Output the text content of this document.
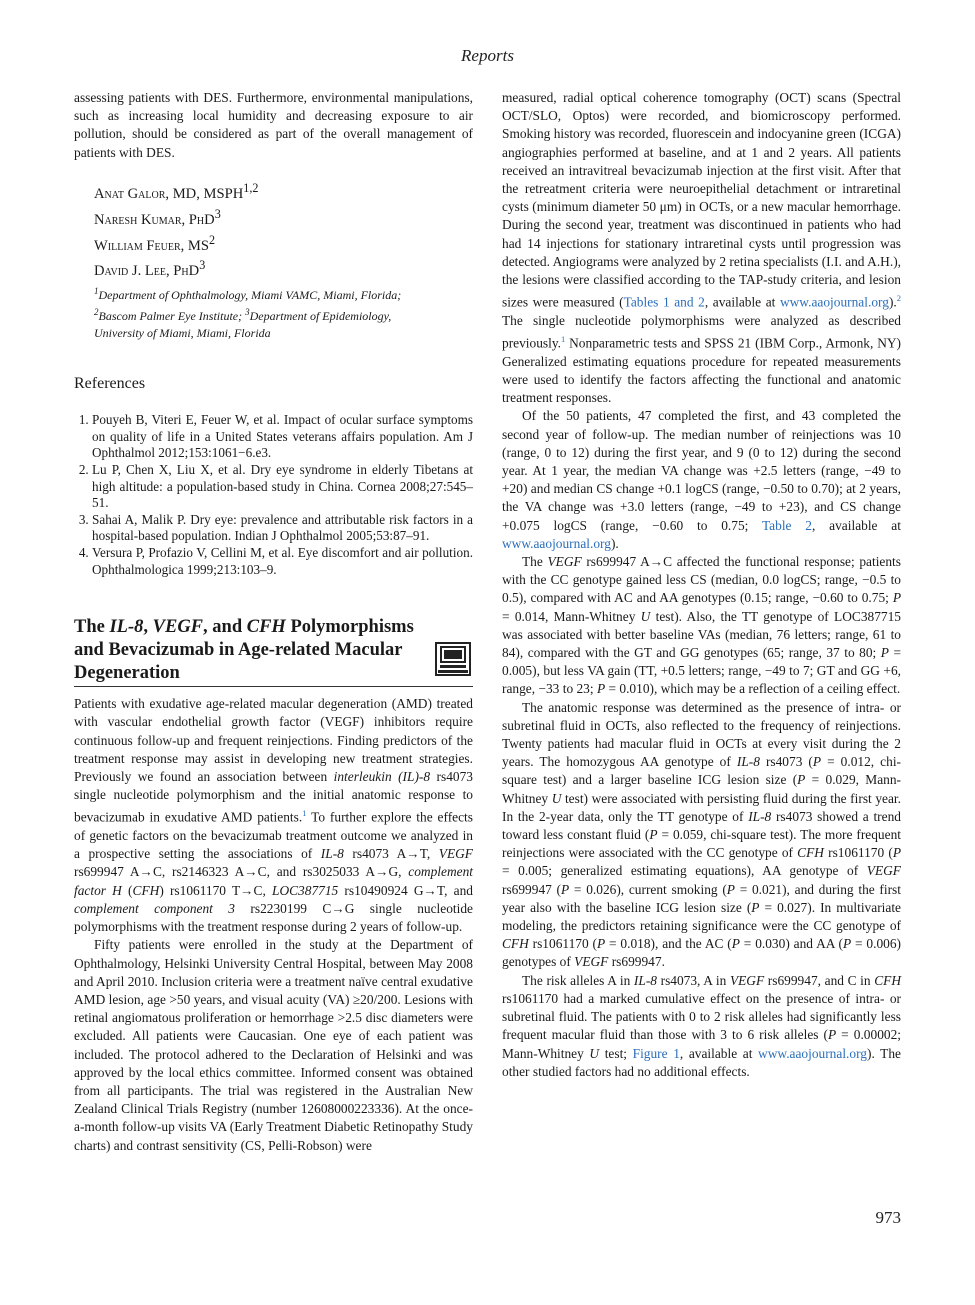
Reports

assessing patients with DES. Furthermore, environmental manipulations, such as increasing local humidity and decreasing exposure to air pollution, should be considered as part of the overall management of patients with DES.

Anat Galor, MD, MSPH$^{1,2}$
Naresh Kumar, PhD$^3$
William Feuer, $MS^2$
David J. Lee, PhD$^3$
$^1$Department of Ophthalmology, Miami VAMC, Miami, Florida;
$^2$Bascom Palmer Eye Institute; $^3$Department of Epidemiology,
University of Miami, Miami, Florida
References
1. Pouyeh B, Viteri E, Feuer W, et al. Impact of ocular surface symptoms on quality of life in a United States veterans affairs population. Am J Ophthalmol 2012;153:1061−6.e3.
2. Lu P, Chen X, Liu X, et al. Dry eye syndrome in elderly Tibetans at high altitude: a population-based study in China. Cornea 2008;27:545–51.
3. Sahai A, Malik P. Dry eye: prevalence and attributable risk factors in a hospital-based population. Indian J Ophthalmol 2005;53:87–91.
4. Versura P, Profazio V, Cellini M, et al. Eye discomfort and air pollution. Ophthalmologica 1999;213:103–9.
The IL-8, VEGF, and CFH Polymorphisms and Bevacizumab in Age-related Macular Degeneration

Patients with exudative age-related macular degeneration (AMD) treated with vascular endothelial growth factor (VEGF) inhibitors require continuous follow-up and frequent reinjections. Finding predictors of the treatment response may assist in developing new treatment strategies. Previously we found an association between interleukin (IL)-8 rs4073 single nucleotide polymorphism and the initial anatomic response to bevacizumab in exudative AMD patients.$^1$ To further explore the effects of genetic factors on the bevacizumab treatment outcome we analyzed in a prospective setting the associations of IL-8 rs4073 A→T, VEGF rs699947 A→C, rs2146323 A→C, and rs3025033 A→G, complement factor H (CFH) rs1061170 T→C, LOC387715 rs10490924 G→T, and complement component 3 rs2230199 C→G single nucleotide polymorphisms with the treatment response during 2 years of follow-up.

Fifty patients were enrolled in the study at the Department of Ophthalmology, Helsinki University Central Hospital, between May 2008 and April 2010. Inclusion criteria were a treatment naïve central exudative AMD lesion, age >50 years, and visual acuity (VA) ≥20/200. Lesions with retinal angiomatous proliferation or hemorrhage >2.5 disc diameters were excluded. All patients were Caucasian. One eye of each patient was included. The protocol adhered to the Declaration of Helsinki and was approved by the local ethics committee. Informed consent was obtained from all participants. The trial was registered in the Australian New Zealand Clinical Trials Registry (number 12608000223336). At the once-a-month follow-up visits VA (Early Treatment Diabetic Retinopathy Study charts) and contrast sensitivity (CS, Pelli-Robson) were

measured, radial optical coherence tomography (OCT) scans (Spectral OCT/SLO, Optos) were recorded, and biomicroscopy performed. Smoking history was recorded, fluorescein and indocyanine green (ICGA) angiographies performed at baseline, and at 1 and 2 years. All patients received an intravitreal bevacizumab injection at the first visit. After that the retreatment criteria were neuroepithelial detachment or intraretinal cysts (minimum diameter 50 μm) in OCTs, or a new macular hemorrhage. During the second year, treatment was discontinued in patients who had had 14 injections for stationary intraretinal cysts until progression was detected. Angiograms were analyzed by 2 retina specialists (I.I. and A.H.), the lesions were classified according to the TAP-study criteria, and lesion sizes were measured (Tables 1 and 2, available at www.aaojournal.org).$^2$ The single nucleotide polymorphisms were analyzed as described previously.$^1$ Nonparametric tests and SPSS 21 (IBM Corp., Armonk, NY) Generalized estimating equations procedure for repeated measurements were used to identify the factors affecting the functional and anatomic treatment responses.

Of the 50 patients, 47 completed the first, and 43 completed the second year of follow-up. The median number of reinjections was 10 (range, 0 to 12) during the first year, and 9 (0 to 12) during the second year. At 1 year, the median VA change was +2.5 letters (range, −49 to +20) and median CS change +0.1 logCS (range, −0.50 to 0.70); at 2 years, the VA change was +3.0 letters (range, −49 to +23), and CS change +0.075 logCS (range, −0.60 to 0.75; Table 2, available at www.aaojournal.org).

The VEGF rs699947 A→C affected the functional response; patients with the CC genotype gained less CS (median, 0.0 logCS; range, −0.5 to 0.5), compared with AC and AA genotypes (0.15; range, −0.60 to 0.75; P = 0.014, Mann-Whitney U test). Also, the TT genotype of LOC387715 was associated with better baseline VAs (median, 76 letters; range, 61 to 84), compared with the GT and GG genotypes (65; range, 37 to 80; P = 0.005), but less VA gain (TT, +0.5 letters; range, −49 to 7; GT and GG +6, range, −33 to 23; P = 0.010), which may be a reflection of a ceiling effect.

The anatomic response was determined as the presence of intra- or subretinal fluid in OCTs, also reflected to the frequency of reinjections. Twenty patients had macular fluid in OCTs at every visit during the 2 years. The homozygous AA genotype of IL-8 rs4073 (P = 0.012, chi-square test) and a larger baseline ICG lesion size (P = 0.029, Mann-Whitney U test) were associated with persisting fluid during the first year. In the 2-year data, only the TT genotype of IL-8 rs4073 showed a trend toward less constant fluid (P = 0.059, chi-square test). The more frequent reinjections were associated with the CC genotype of CFH rs1061170 (P = 0.005; generalized estimating equations), AA genotype of VEGF rs699947 (P = 0.026), current smoking (P = 0.021), and during the first year also with the baseline ICG lesion size (P = 0.027). In multivariate modeling, the predictors retaining significance were the CC genotype of CFH rs1061170 (P = 0.018), and the AC (P = 0.030) and AA (P = 0.006) genotypes of VEGF rs699947.

The risk alleles A in IL-8 rs4073, A in VEGF rs699947, and C in CFH rs1061170 had a marked cumulative effect on the presence of intra- or subretinal fluid. The patients with 0 to 2 risk alleles had significantly less frequent macular fluid than those with 3 to 6 risk alleles (P = 0.00002; Mann-Whitney U test; Figure 1, available at www.aaojournal.org). The other studied factors had no additional effects.

973
